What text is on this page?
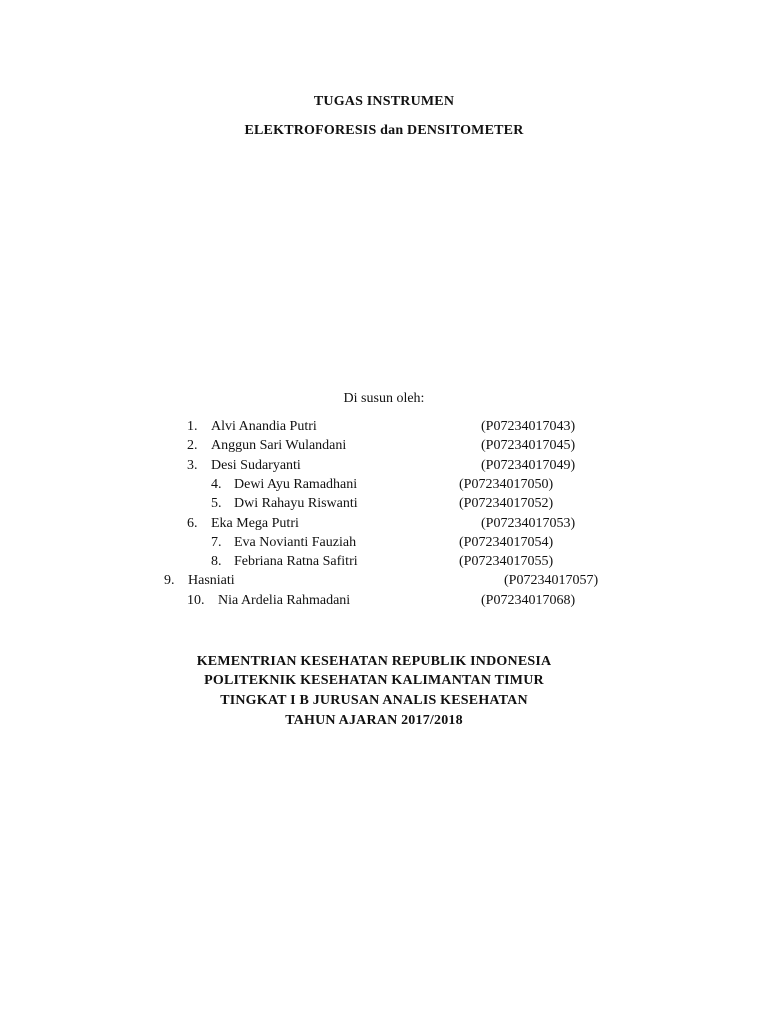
TUGAS INSTRUMEN
ELEKTROFORESIS dan DENSITOMETER
Di susun oleh:
1. Alvi Anandia Putri	(P07234017043)
2. Anggun Sari Wulandani	(P07234017045)
3. Desi Sudaryanti	(P07234017049)
4. Dewi Ayu Ramadhani	(P07234017050)
5. Dwi Rahayu Riswanti	(P07234017052)
6. Eka Mega Putri	(P07234017053)
7. Eva Novianti Fauziah	(P07234017054)
8. Febriana Ratna Safitri	(P07234017055)
9. Hasniati	(P07234017057)
10. Nia Ardelia Rahmadani	(P07234017068)
KEMENTRIAN KESEHATAN REPUBLIK INDONESIA
POLITEKNIK KESEHATAN KALIMANTAN TIMUR
TINGKAT I B JURUSAN ANALIS KESEHATAN
TAHUN AJARAN 2017/2018
